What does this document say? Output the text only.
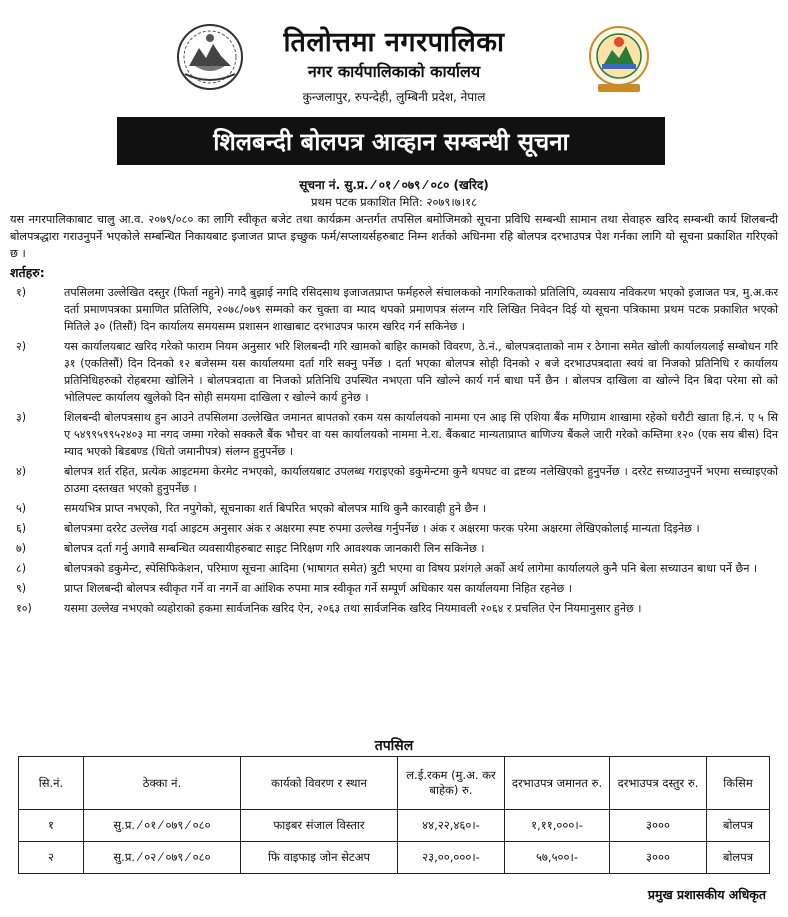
तिलोत्तमा नगरपालिका
नगर कार्यपालिकाको कार्यालय
कुन्जलापुर, रुपन्देही, लुम्बिनी प्रदेश, नेपाल
शिलबन्दी बोलपत्र आव्हान सम्बन्धी सूचना
सूचना नं. सु.प्र. ⁄ ०१ ⁄ ०७९ ⁄ ०८० (खरिद)
प्रथम पटक प्रकाशित मिति: २०७९।७।१८
यस नगरपालिकाबाट चालु आ.व. २०७९/०८० का लागि स्वीकृत बजेट तथा कार्यक्रम अन्तर्गत तपसिल बमोजिमको सूचना प्रविधि सम्बन्धी सामान तथा सेवाहरु खरिद सम्बन्धी कार्य शिलबन्दी बोलपत्रद्धारा गराउनुपर्ने भएकोले सम्बन्धित निकायबाट इजाजत प्राप्त इच्छुक फर्म/सप्लायर्सहरुबाट निम्न शर्तको अधिनमा रहि बोलपत्र दरभाउपत्र पेश गर्नका लागि यो सूचना प्रकाशित गरिएको छ ।
शर्तहरु:
१)	तपसिलमा उल्लेखित दस्तुर (फिर्ता नहुने) नगदै बुझाई नगदि रसिदसाथ इजाजतप्राप्त फर्महरुले संचालकको नागरिकताको प्रतिलिपि, व्यवसाय नविकरण भएको इजाजत पत्र, मु.अ.कर दर्ता प्रमाणपत्रका प्रमाणित प्रतिलिपि, २०७८/०७९ सम्मको कर चुक्ता वा म्याद थपको प्रमाणपत्र संलग्न गरि लिखित निवेदन दिई यो सूचना पत्रिकामा प्रथम पटक प्रकाशित भएको मितिले ३० (तिसौं) दिन कार्यालय समयसम्म प्रशासन शाखाबाट दरभाउपत्र फारम खरिद गर्न सकिनेछ ।
२)	यस कार्यालयबाट खरिद गरेको फाराम नियम अनुसार भरि शिलबन्दी गरि खामको बाहिर कामको विवरण, ठे.नं., बोलपत्रदाताको नाम र ठेगाना समेत खोली कार्यालयलाई सम्बोधन गरि ३१ (एकतिसौं) दिन दिनको १२ बजेसम्म यस कार्यालयमा दर्ता गरि सक्नु पर्नेछ । दर्ता भएका बोलपत्र सोही दिनको २ बजे दरभाउपत्रदाता स्वयं वा निजको प्रतिनिधि र कार्यालय प्रतिनिधिहरुको रोहबरमा खोलिने । बोलपत्रदाता वा निजको प्रतिनिधि उपस्थित नभएता पनि खोल्ने कार्य गर्न बाधा पर्ने छैन । बोलपत्र दाखिला वा खोल्ने दिन बिदा परेमा सो को भोलिपल्ट कार्यालय खुलेको दिन सोही समयमा दाखिला र खोल्ने कार्य हुनेछ ।
३)	शिलबन्दी बोलपत्रसाथ हुन आउने तपसिलमा उल्लेखित जमानत बापतको रकम यस कार्यालयको नाममा एन आइ सि एशिया बैंक मणिग्राम शाखामा रहेको धरौटी खाता हि.नं. ए ५ सि ए ५४९९५९९५२४०३ मा नगद जम्मा गरेको सक्कलै बैंक भौचर वा यस कार्यालयको नाममा ने.रा. बैंकबाट मान्यताप्राप्त बाणिज्य बैंकले जारी गरेको कम्तिमा १२० (एक सय बीस) दिन म्याद भएको बिडबण्ड (धितो जमानीपत्र) संलग्न हुनुपर्नेछ ।
४)	बोलपत्र शर्त रहित, प्रत्येक आइटममा केरमेट नभएको, कार्यालयबाट उपलब्ध गराइएको डकुमेन्टमा कुनै थपघट वा द्रष्टव्य नलेखिएको हुनुपर्नेछ । दररेट सच्याउनुपर्ने भएमा सच्चाइएको ठाउमा दस्तखत भएको हुनुपर्नेछ ।
५)	समयभित्र प्राप्त नभएको, रित नपुगेको, सूचनाका शर्त बिपरित भएको बोलपत्र माथि कुनै कारवाही हुने छैन ।
६)	बोलपत्रमा दररेट उल्लेख गर्दा आइटम अनुसार अंक र अक्षरमा स्पष्ट रुपमा उल्लेख गर्नुपर्नेछ । अंक र अक्षरमा फरक परेमा अक्षरमा लेखिएकोलाई मान्यता दिइनेछ ।
७)	बोलपत्र दर्ता गर्नु अगावै सम्बन्धित व्यवसायीहरुबाट साइट निरिक्षण गरि आवश्यक जानकारी लिन सकिनेछ ।
८)	बोलपत्रको डकुमेन्ट, स्पेसिफिकेशन, परिमाण सूचना आदिमा (भाषागत समेत) त्रुटी भएमा वा विषय प्रशंगले अर्को अर्थ लागेमा कार्यालयले कुनै पनि बेला सच्याउन बाधा पर्ने छैन ।
९)	प्राप्त शिलबन्दी बोलपत्र स्वीकृत गर्ने वा नगर्ने वा आंशिक रुपमा मात्र स्वीकृत गर्ने सम्पूर्ण अधिकार यस कार्यालयमा निहित रहनेछ ।
१०)	यसमा उल्लेख नभएको व्यहोराको हकमा सार्वजनिक खरिद ऐन, २०६३ तथा सार्वजनिक खरिद नियमावली २०६४ र प्रचलित ऐन नियमानुसार हुनेछ ।
तपसिल
सि.नं.	ठेक्का नं.	कार्यको विवरण र स्थान	ल.ई.रकम (मु.अ. कर बाहेक) रु.	दरभाउपत्र जमानत रु.	दरभाउपत्र दस्तुर रु.	किसिम
१	सु.प्र. ⁄ ०१ ⁄ ०७९ ⁄ ०८०	फाइबर संजाल विस्तार	४४,२२,४६०।-	१,११,०००।-	३०००	बोलपत्र
२	सु.प्र. ⁄ ०२ ⁄ ०७९ ⁄ ०८०	फि वाइफाइ जोन सेटअप	२३,००,०००।-	५७,५००।-	३०००	बोलपत्र
प्रमुख प्रशासकीय अधिकृत
